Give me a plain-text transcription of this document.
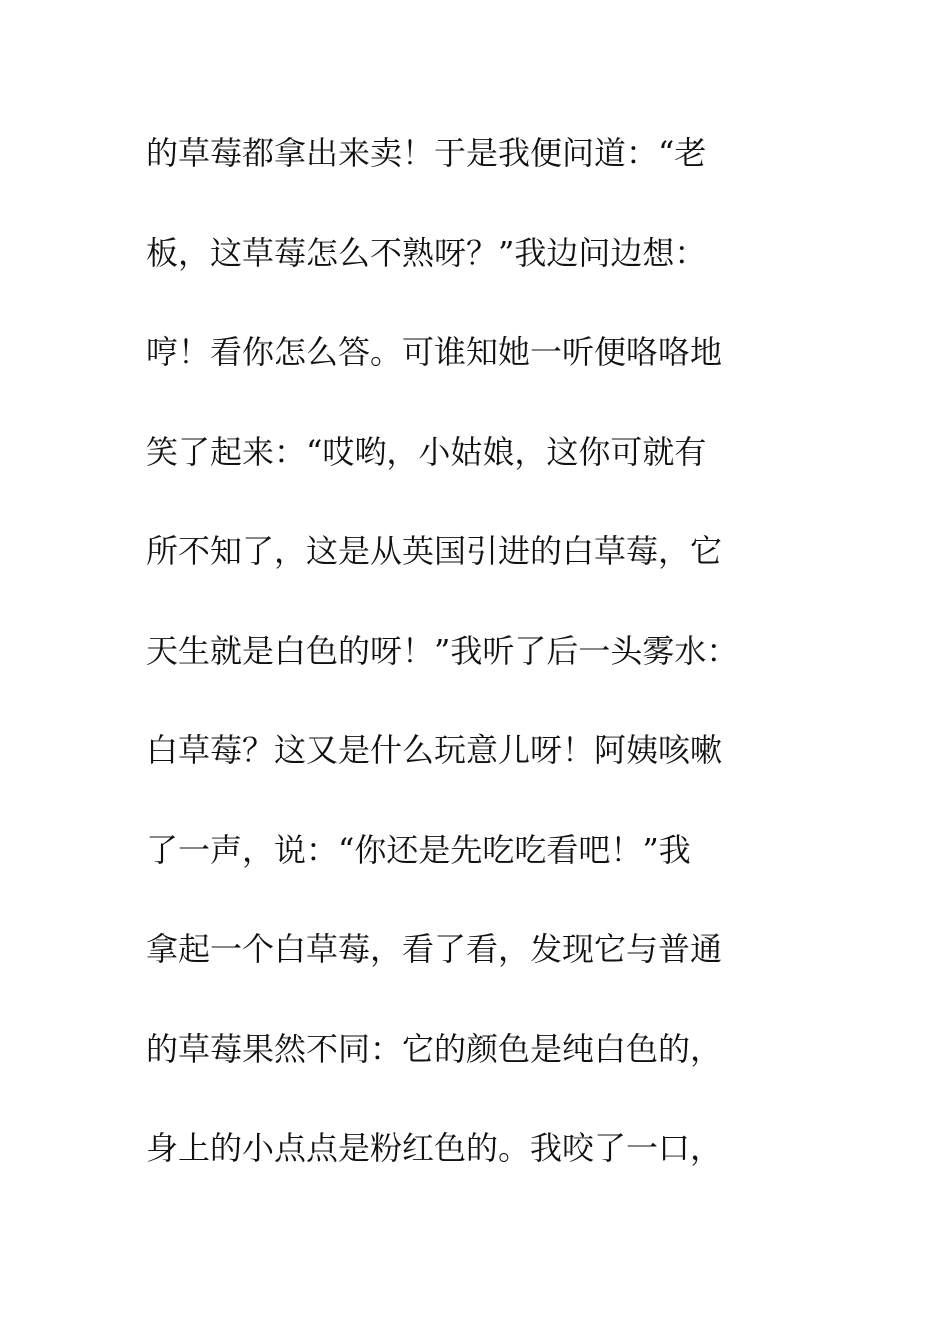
的草莓都拿出来卖！于是我便问道：“老
板，这草莓怎么不熟呀？”我边问边想：
哼！看你怎么答。可谁知她一听便咯咯地
笑了起来：“哎哟，小姑娘，这你可就有
所不知了，这是从英国引进的白草莓，它
天生就是白色的呀！”我听了后一头雾水：
白草莓？这又是什么玩意儿呀！阿姨咳嗽
了一声，说：“你还是先吃吃看吧！”我
拿起一个白草莓，看了看，发现它与普通
的草莓果然不同：它的颜色是纯白色的，
身上的小点点是粉红色的。我咬了一口，
